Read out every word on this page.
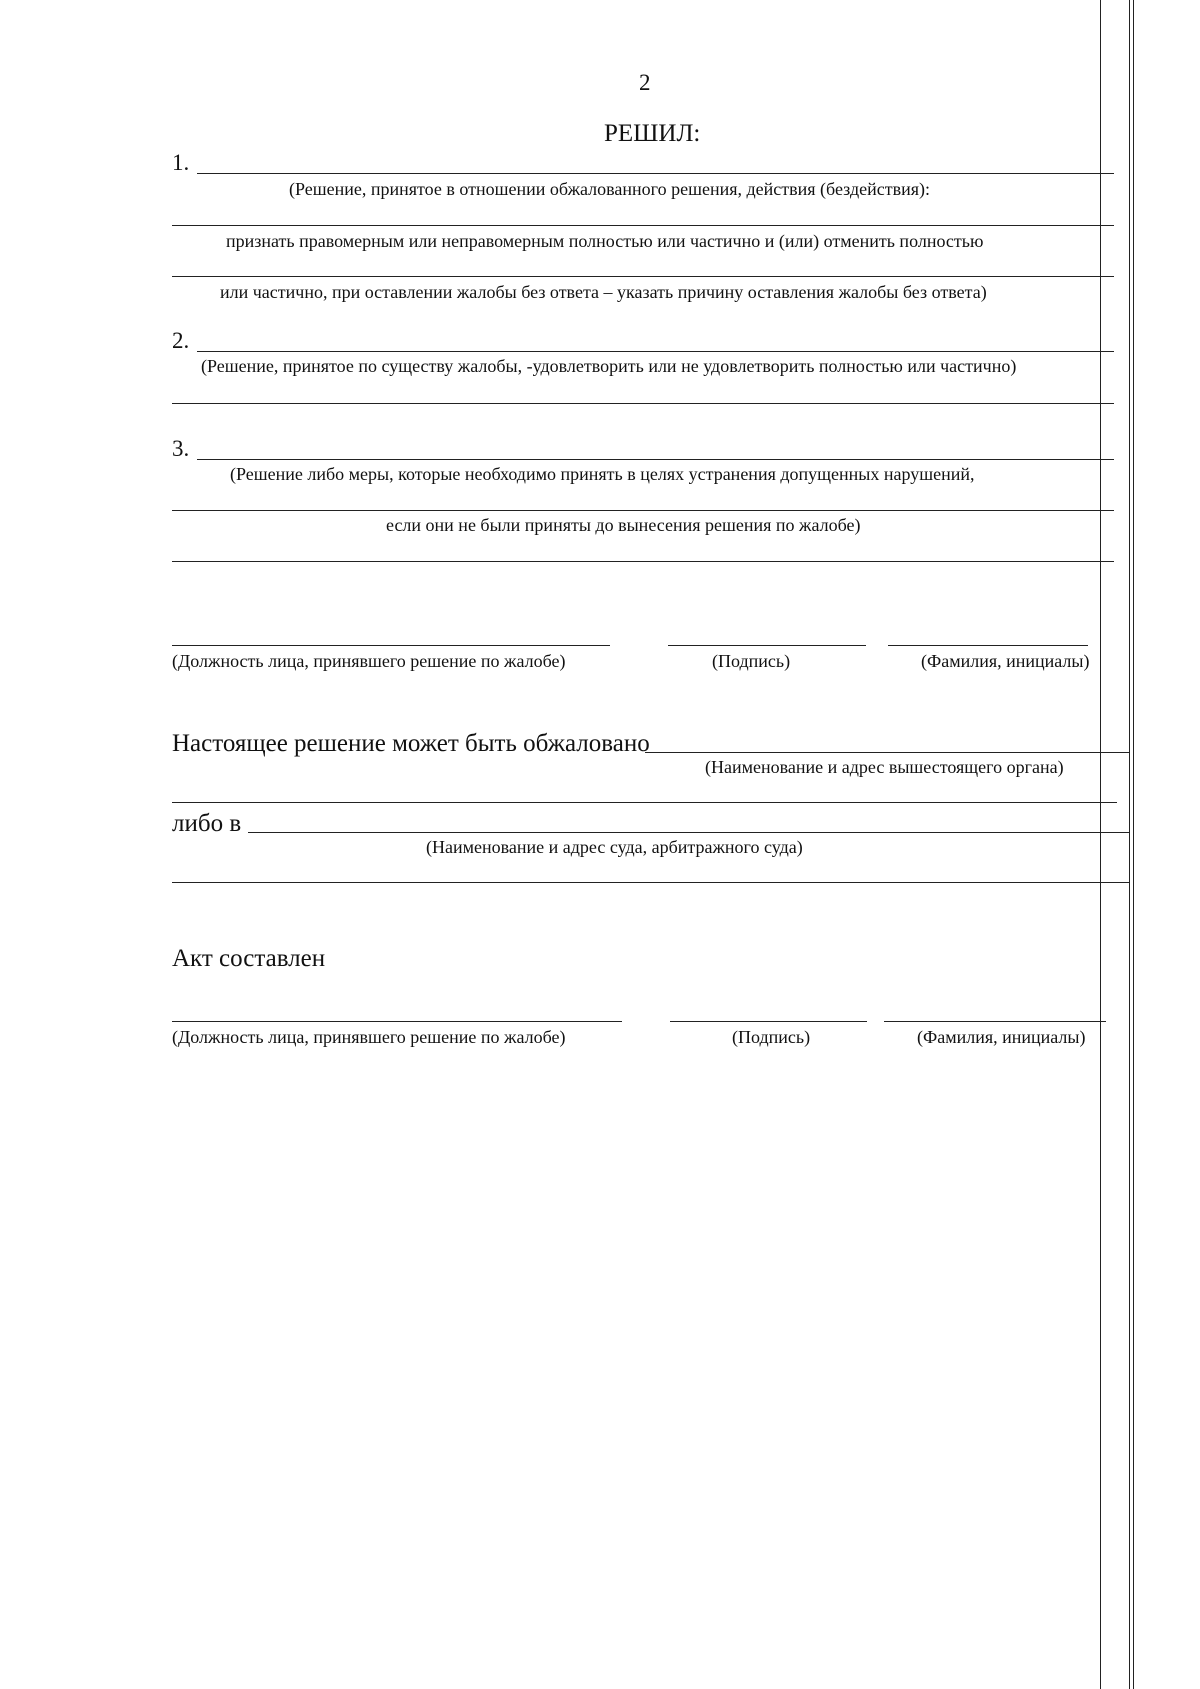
2
РЕШИЛ:
1.
(Решение, принятое в отношении обжалованного решения, действия (бездействия):
признать правомерным или неправомерным полностью или частично и (или) отменить полностью
или частично, при оставлении жалобы без ответа – указать причину оставления жалобы без ответа)
2.
(Решение, принятое по существу жалобы, -удовлетворить или не удовлетворить полностью или частично)
3.
(Решение либо меры, которые необходимо принять в целях устранения допущенных нарушений,
если они не были приняты до вынесения решения по жалобе)
(Должность лица, принявшего решение по жалобе)	(Подпись)	(Фамилия, инициалы)
Настоящее решение может быть обжаловано
(Наименование и адрес вышестоящего органа)
либо в
(Наименование и адрес суда, арбитражного суда)
Акт составлен
(Должность лица, принявшего решение по жалобе)	(Подпись)	(Фамилия, инициалы)
